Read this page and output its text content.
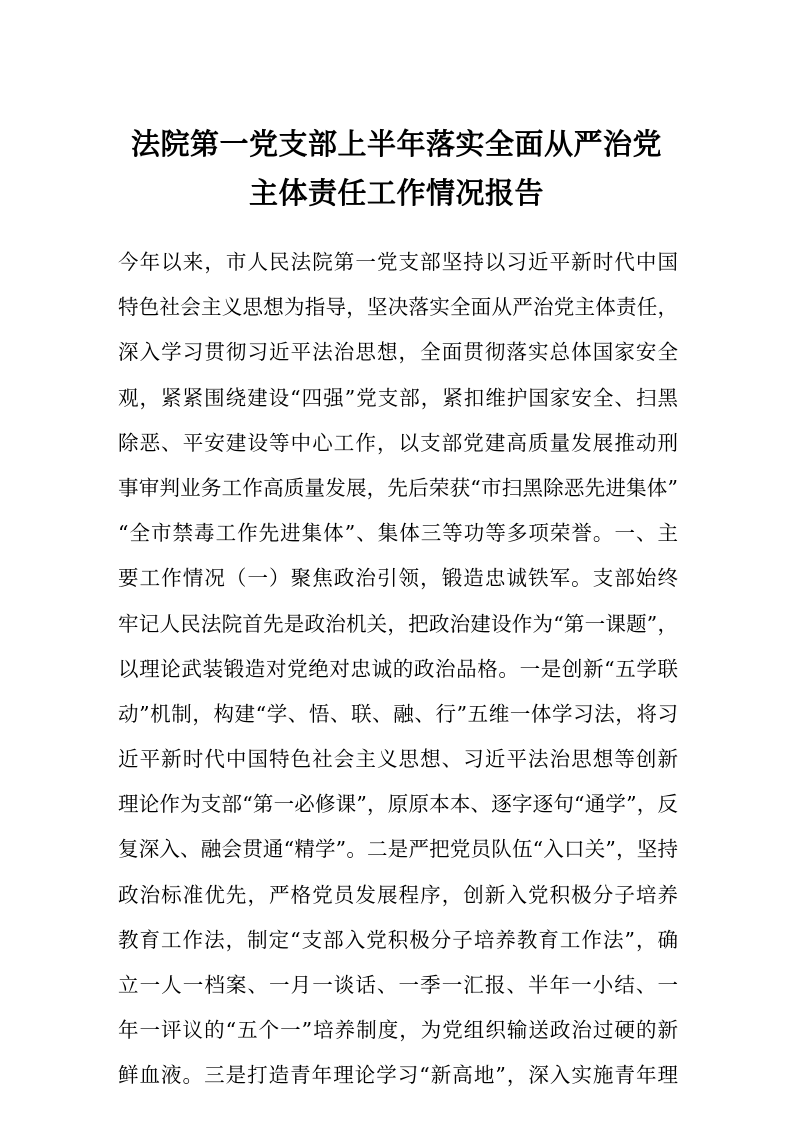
法院第一党支部上半年落实全面从严治党
主体责任工作情况报告
今年以来，市人民法院第一党支部坚持以习近平新时代中国
特色社会主义思想为指导，坚决落实全面从严治党主体责任，
深入学习贯彻习近平法治思想，全面贯彻落实总体国家安全
观，紧紧围绕建设“四强”党支部，紧扣维护国家安全、扫黑
除恶、平安建设等中心工作，以支部党建高质量发展推动刑
事审判业务工作高质量发展，先后荣获“市扫黑除恶先进集体”
“全市禁毒工作先进集体”、集体三等功等多项荣誉。一、主
要工作情况（一）聚焦政治引领，锻造忠诚铁军。支部始终
牢记人民法院首先是政治机关，把政治建设作为“第一课题”，
以理论武装锻造对党绝对忠诚的政治品格。一是创新“五学联
动”机制，构建“学、悟、联、融、行”五维一体学习法，将习
近平新时代中国特色社会主义思想、习近平法治思想等创新
理论作为支部“第一必修课”，原原本本、逐字逐句“通学”，反
复深入、融会贯通“精学”。二是严把党员队伍“入口关”，坚持
政治标准优先，严格党员发展程序，创新入党积极分子培养
教育工作法，制定“支部入党积极分子培养教育工作法”，确
立一人一档案、一月一谈话、一季一汇报、半年一小结、一
年一评议的“五个一”培养制度，为党组织输送政治过硬的新
鲜血液。三是打造青年理论学习“新高地”，深入实施青年理
